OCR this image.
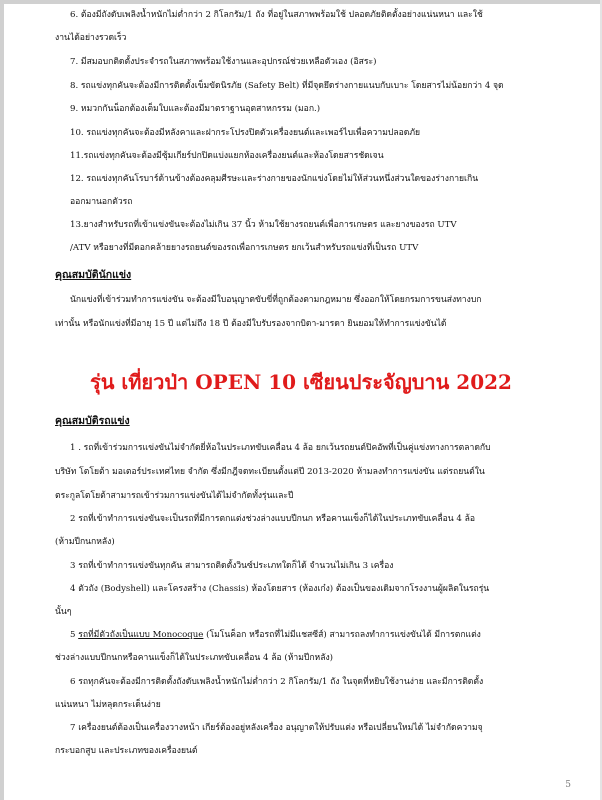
6. ต้องมีถังดับเพลิงน้ำหนักไม่ต่ำกว่า 2 กิโลกรัม/1 ถัง ที่อยู่ในสภาพพร้อมใช้ ปลอดภัยติดตั้งอย่างแน่นหนา และใช้
งานได้อย่างรวดเร็ว
7. มีสมอบกติดตั้งประจำรถในสภาพพร้อมใช้งานและอุปกรณ์ช่วยเหลือตัวเอง (อิสระ)
8. รถแข่งทุกคันจะต้องมีการติดตั้งเข็มขัดนิรภัย (Safety Belt) ที่มีจุดยึดร่างกายแนบกับเบาะ โดยสารไม่น้อยกว่า 4 จุด
9. หมวกกันน็อกต้องเต็มใบและต้องมีมาตราฐานอุตสาหกรรม (มอก.)
10. รถแข่งทุกคันจะต้องมีหลังคาและฝากระโปรงปิดตัวเครื่องยนต์และเพอร์ไบเพื่อความปลอดภัย
11.รถแข่งทุกคันจะต้องมีซุ้มเกียร์ปกปิดแบ่งแยกห้องเครื่องยนต์และห้องโดยสารชัดเจน
12. รถแข่งทุกคันโรบาร์ด้านข้างต้องคลุมศีรษะและร่างกายของนักแข่งโดยไม่ให้ส่วนหนึ่งส่วนใดของร่างกายเกิน
ออกมานอกตัวรถ
13.ยางสำหรับรถที่เข้าแข่งขันจะต้องไม่เกิน 37 นิ้ว ห้ามใช้ยางรถยนต์เพื่อการเกษตร และยางของรถ UTV
/ATV หรือยางที่มีดอกคล้ายยางรถยนต์ของรถเพื่อการเกษตร ยกเว้นสำหรับรถแข่งที่เป็นรถ UTV
คุณสมบัตินักแข่ง
นักแข่งที่เข้าร่วมทำการแข่งขัน จะต้องมีใบอนุญาตขับขี่ที่ถูกต้องตามกฎหมาย ซึ่งออกให้โดยกรมการขนส่งทางบก
เท่านั้น หรือนักแข่งที่มีอายุ 15 ปี แต่ไม่ถึง 18 ปี ต้องมีใบรับรองจากบิดา-มารดา ยินยอมให้ทำการแข่งขันได้
รุ่น เที่ยวป่า OPEN 10 เซียนประจัญบาน 2022
คุณสมบัติรถแข่ง
1 . รถที่เข้าร่วมการแข่งขันไม่จำกัดยี่ห้อในประเภทขับเคลื่อน 4 ล้อ ยกเว้นรถยนต์ปิคอัพที่เป็นคู่แข่งทางการตลาดกับ
บริษัท โตโยต้า มอเตอร์ประเทศไทย จำกัด ซึ่งมีกฎีจดทะเบียนตั้งแต่ปี 2013-2020 ห้ามลงทำการแข่งขัน แต่รถยนต์ใน
ตระกูลโตโยต้าสามารถเข้าร่วมการแข่งขันได้ไม่จำกัดทั้งรุ่นและปี
2 รถที่เข้าทำการแข่งขันจะเป็นรถที่มีการตกแต่งช่วงล่างแบบปีกนก หรือคานแข็งก็ได้ในประเภทขับเคลื่อน 4 ล้อ
(ห้ามปีกนกหลัง)
3 รถที่เข้าทำการแข่งขันทุกคัน สามารถติดตั้งวินซ์ประเภทใดก็ได้ จำนวนไม่เกิน 3 เครื่อง
4 ตัวถัง (Bodyshell) และโครงสร้าง (Chassis) ห้องโดยสาร (ห้องเก๋ง) ต้องเป็นของเดิมจากโรงงานผู้ผลิตในรถรุ่น
นั้นๆ
5 รถที่มีตัวถังเป็นแบบ Monocoque (โมโนค็อก หรือรถที่ไม่มีแชสซีส์) สามารถลงทำการแข่งขันได้ มีการตกแต่ง
ช่วงล่างแบบปีกนกหรือคานแข็งก็ได้ในประเภทขับเคลื่อน 4 ล้อ (ห้ามปีกหลัง)
6 รถทุกคันจะต้องมีการติดตั้งถังดับเพลิงน้ำหนักไม่ต่ำกว่า 2 กิโลกรัม/1 ถัง ในจุดที่หยิบใช้งานง่าย และมีการติดตั้ง
แน่นหนา ไม่หลุดกระเด็นง่าย
7 เครื่องยนต์ต้องเป็นเครื่องวางหน้า เกียร์ต้องอยู่หลังเครื่อง อนุญาตให้ปรับแต่ง หรือเปลี่ยนใหม่ได้ ไม่จำกัดความจุ
กระบอกสูบ และประเภทของเครื่องยนต์
5
